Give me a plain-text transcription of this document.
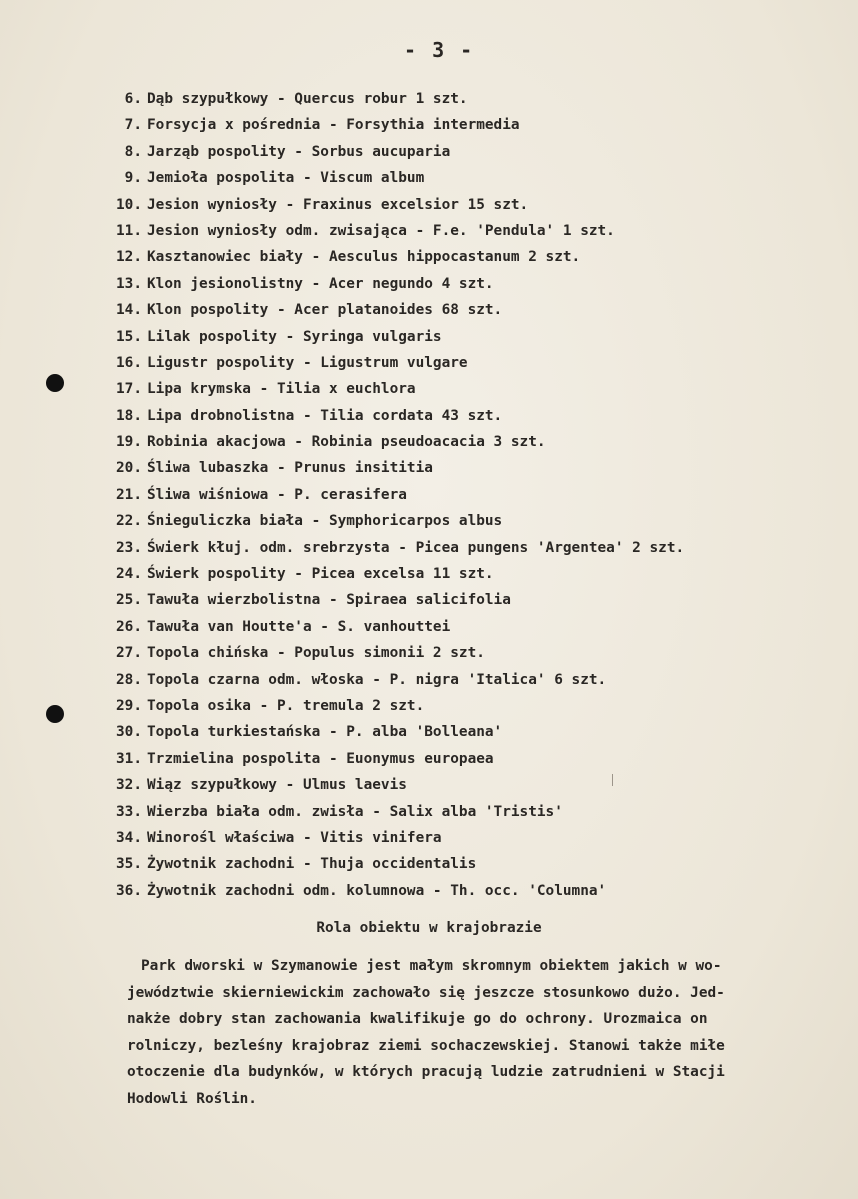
- 3 -
6. Dąb szypułkowy - Quercus robur 1 szt.
7. Forsycja x pośrednia - Forsythia intermedia
8. Jarząb pospolity - Sorbus aucuparia
9. Jemioła pospolita - Viscum album
10. Jesion wyniosły - Fraxinus excelsior 15 szt.
11. Jesion wyniosły odm. zwisająca - F.e. 'Pendula' 1 szt.
12. Kasztanowiec biały - Aesculus hippocastanum 2 szt.
13. Klon jesionolistny - Acer negundo 4 szt.
14. Klon pospolity - Acer platanoides 68 szt.
15. Lilak pospolity - Syringa vulgaris
16. Ligustr pospolity - Ligustrum vulgare
17. Lipa krymska - Tilia x euchlora
18. Lipa drobnolistna - Tilia cordata 43 szt.
19. Robinia akacjowa - Robinia pseudoacacia 3 szt.
20. Śliwa lubaszka - Prunus insititia
21. Śliwa wiśniowa - P. cerasifera
22. Śnieguliczka biała - Symphoricarpos albus
23. Świerk kłuj. odm. srebrzysta - Picea pungens 'Argentea' 2 szt.
24. Świerk pospolity - Picea excelsa 11 szt.
25. Tawuła wierzbolistna - Spiraea salicifolia
26. Tawuła van Houtte'a - S. vanhouttei
27. Topola chińska - Populus simonii 2 szt.
28. Topola czarna odm. włoska - P. nigra 'Italica' 6 szt.
29. Topola osika - P. tremula 2 szt.
30. Topola turkiestańska - P. alba 'Bolleana'
31. Trzmielina pospolita - Euonymus europaea
32. Wiąz szypułkowy - Ulmus laevis
33. Wierzba biała odm. zwisła - Salix alba 'Tristis'
34. Winorośl właściwa - Vitis vinifera
35. Żywotnik zachodni - Thuja occidentalis
36. Żywotnik zachodni odm. kolumnowa - Th. occ. 'Columna'
Rola obiektu w krajobrazie
Park dworski w Szymanowie jest małym skromnym obiektem jakich w wo-
jewództwie skierniewickim zachowało się jeszcze stosunkowo dużo. Jed-
nakże dobry stan zachowania kwalifikuje go do ochrony. Urozmaica on
rolniczy, bezleśny krajobraz ziemi sochaczewskiej. Stanowi także miłe
otoczenie dla budynków, w których pracują ludzie zatrudnieni w Stacji
Hodowli Roślin.
